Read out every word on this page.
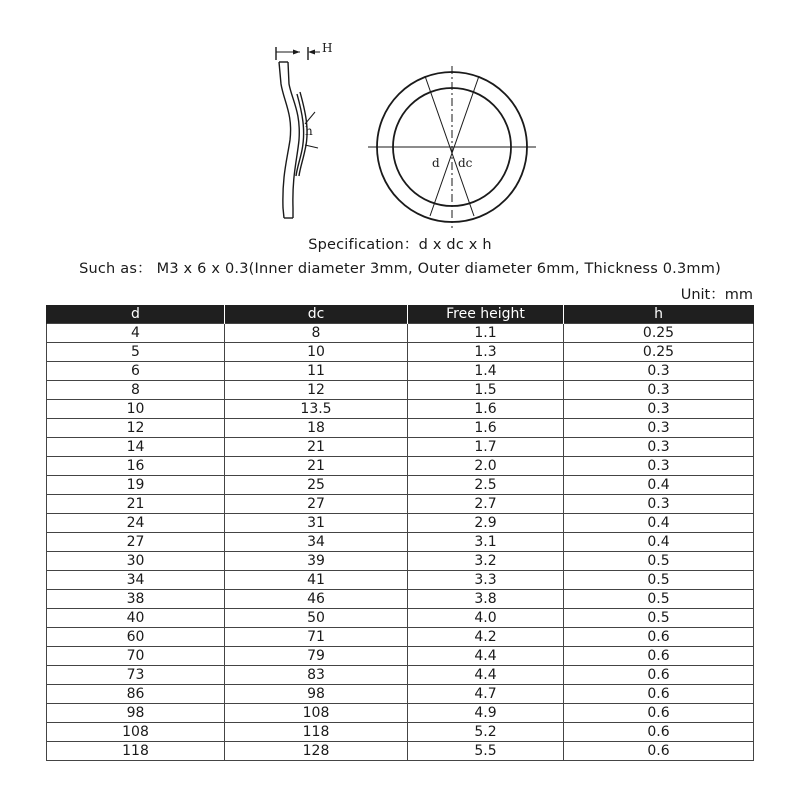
H
h
d dc
Specification：d x dc x h
Such as： M3 x 6 x 0.3(Inner diameter 3mm, Outer diameter 6mm, Thickness 0.3mm)
Unit：mm
d	dc	Free height	h
4	8	1.1	0.25
5	10	1.3	0.25
6	11	1.4	0.3
8	12	1.5	0.3
10	13.5	1.6	0.3
12	18	1.6	0.3
14	21	1.7	0.3
16	21	2.0	0.3
19	25	2.5	0.4
21	27	2.7	0.3
24	31	2.9	0.4
27	34	3.1	0.4
30	39	3.2	0.5
34	41	3.3	0.5
38	46	3.8	0.5
40	50	4.0	0.5
60	71	4.2	0.6
70	79	4.4	0.6
73	83	4.4	0.6
86	98	4.7	0.6
98	108	4.9	0.6
108	118	5.2	0.6
118	128	5.5	0.6
